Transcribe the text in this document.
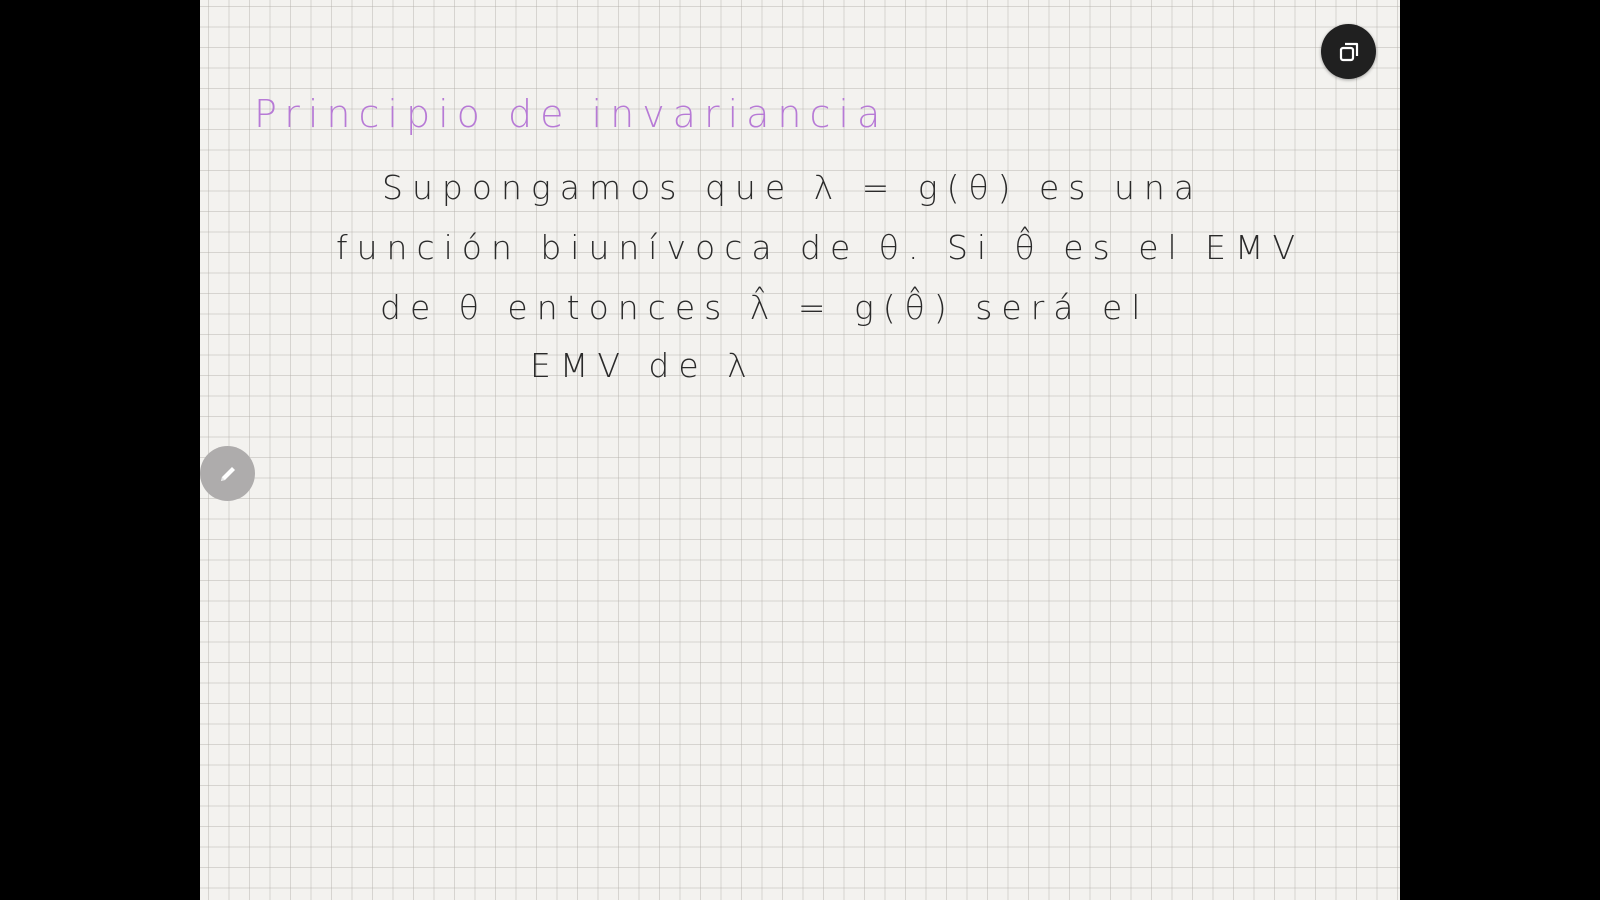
Principio de invariancia

Supongamos que λ = g(θ) es una

función biunívoca de θ. Si θ̂ es el EMV

de θ entonces λ̂ = g(θ̂) será el

EMV de λ
